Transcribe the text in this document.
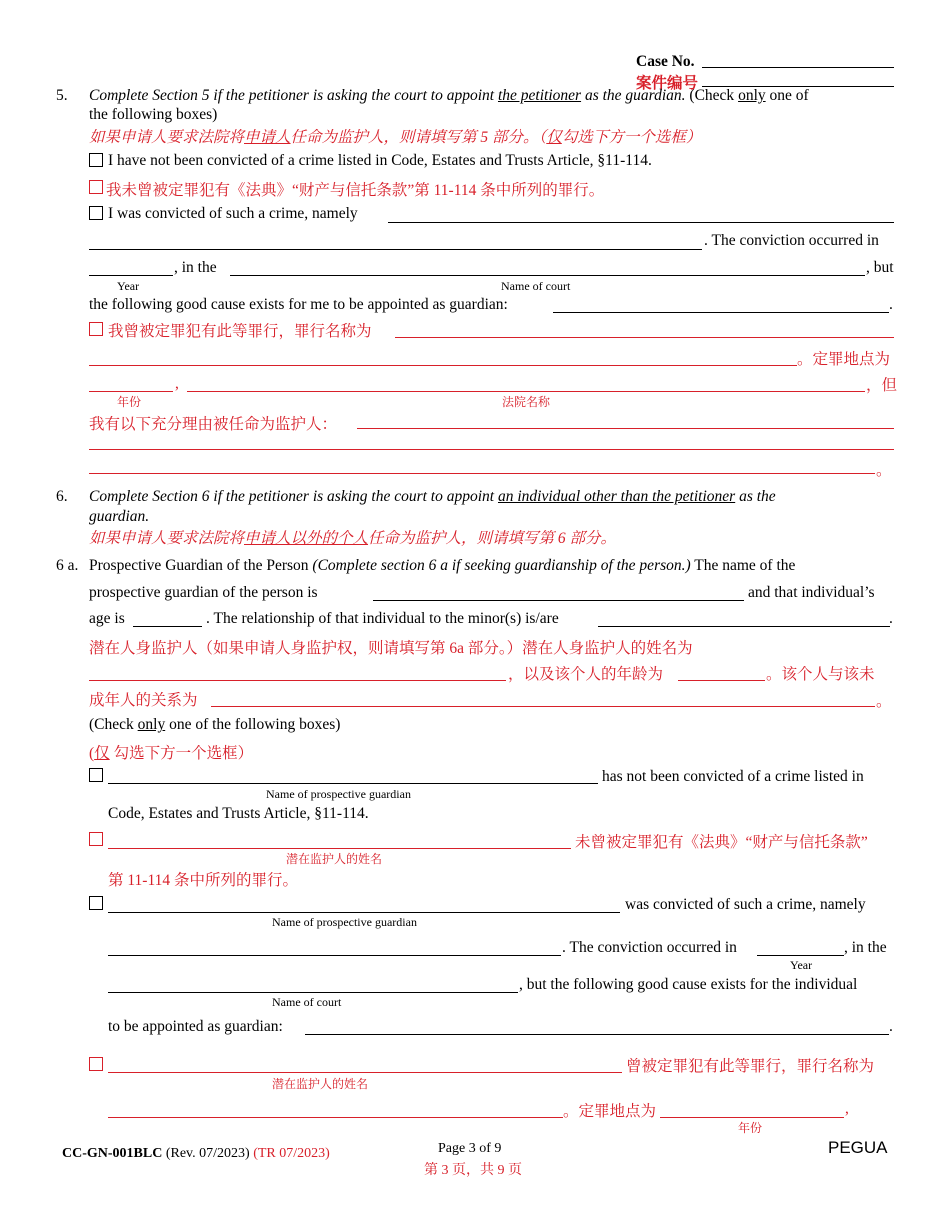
Case No.
案件编号
5. Complete Section 5 if the petitioner is asking the court to appoint the petitioner as the guardian. (Check only one of
the following boxes)
如果申请人要求法院将申请人任命为监护人，则请填写第 5 部分。（仅勾选下方一个选框）
I have not been convicted of a crime listed in Code, Estates and Trusts Article, §11-114.
我未曾被定罪犯有《法典》“财产与信托条款”第 11-114 条中所列的罪行。
I was convicted of such a crime, namely
. The conviction occurred in
, in the	, but
Year	Name of court
the following good cause exists for me to be appointed as guardian:	.
我曾被定罪犯有此等罪行，罪行名称为
。定罪地点为
,	，但
年份	法院名称
我有以下充分理由被任命为监护人：
。
6. Complete Section 6 if the petitioner is asking the court to appoint an individual other than the petitioner as the
guardian.
如果申请人要求法院将申请人以外的个人任命为监护人，则请填写第 6 部分。
6 a. Prospective Guardian of the Person (Complete section 6 a if seeking guardianship of the person.) The name of the
prospective guardian of the person is	and that individual’s
age is	. The relationship of that individual to the minor(s) is/are	.
潜在人身监护人（如果申请人身监护权，则请填写第 6a 部分。）潜在人身监护人的姓名为
，以及该个人的年龄为	。该个人与该未
成年人的关系为	。
(Check only one of the following boxes)
(仅 勾选下方一个选框）
has not been convicted of a crime listed in
Name of prospective guardian
Code, Estates and Trusts Article, §11-114.
未曾被定罪犯有《法典》“财产与信托条款”
潜在监护人的姓名
第 11-114 条中所列的罪行。
was convicted of such a crime, namely
Name of prospective guardian
. The conviction occurred in	, in the
Year
, but the following good cause exists for the individual
Name of court
to be appointed as guardian:	.
曾被定罪犯有此等罪行，罪行名称为
潜在监护人的姓名
。定罪地点为	,
年份
CC-GN-001BLC (Rev. 07/2023) (TR 07/2023)	Page 3 of 9
第 3 页，共 9 页
PEGUA
